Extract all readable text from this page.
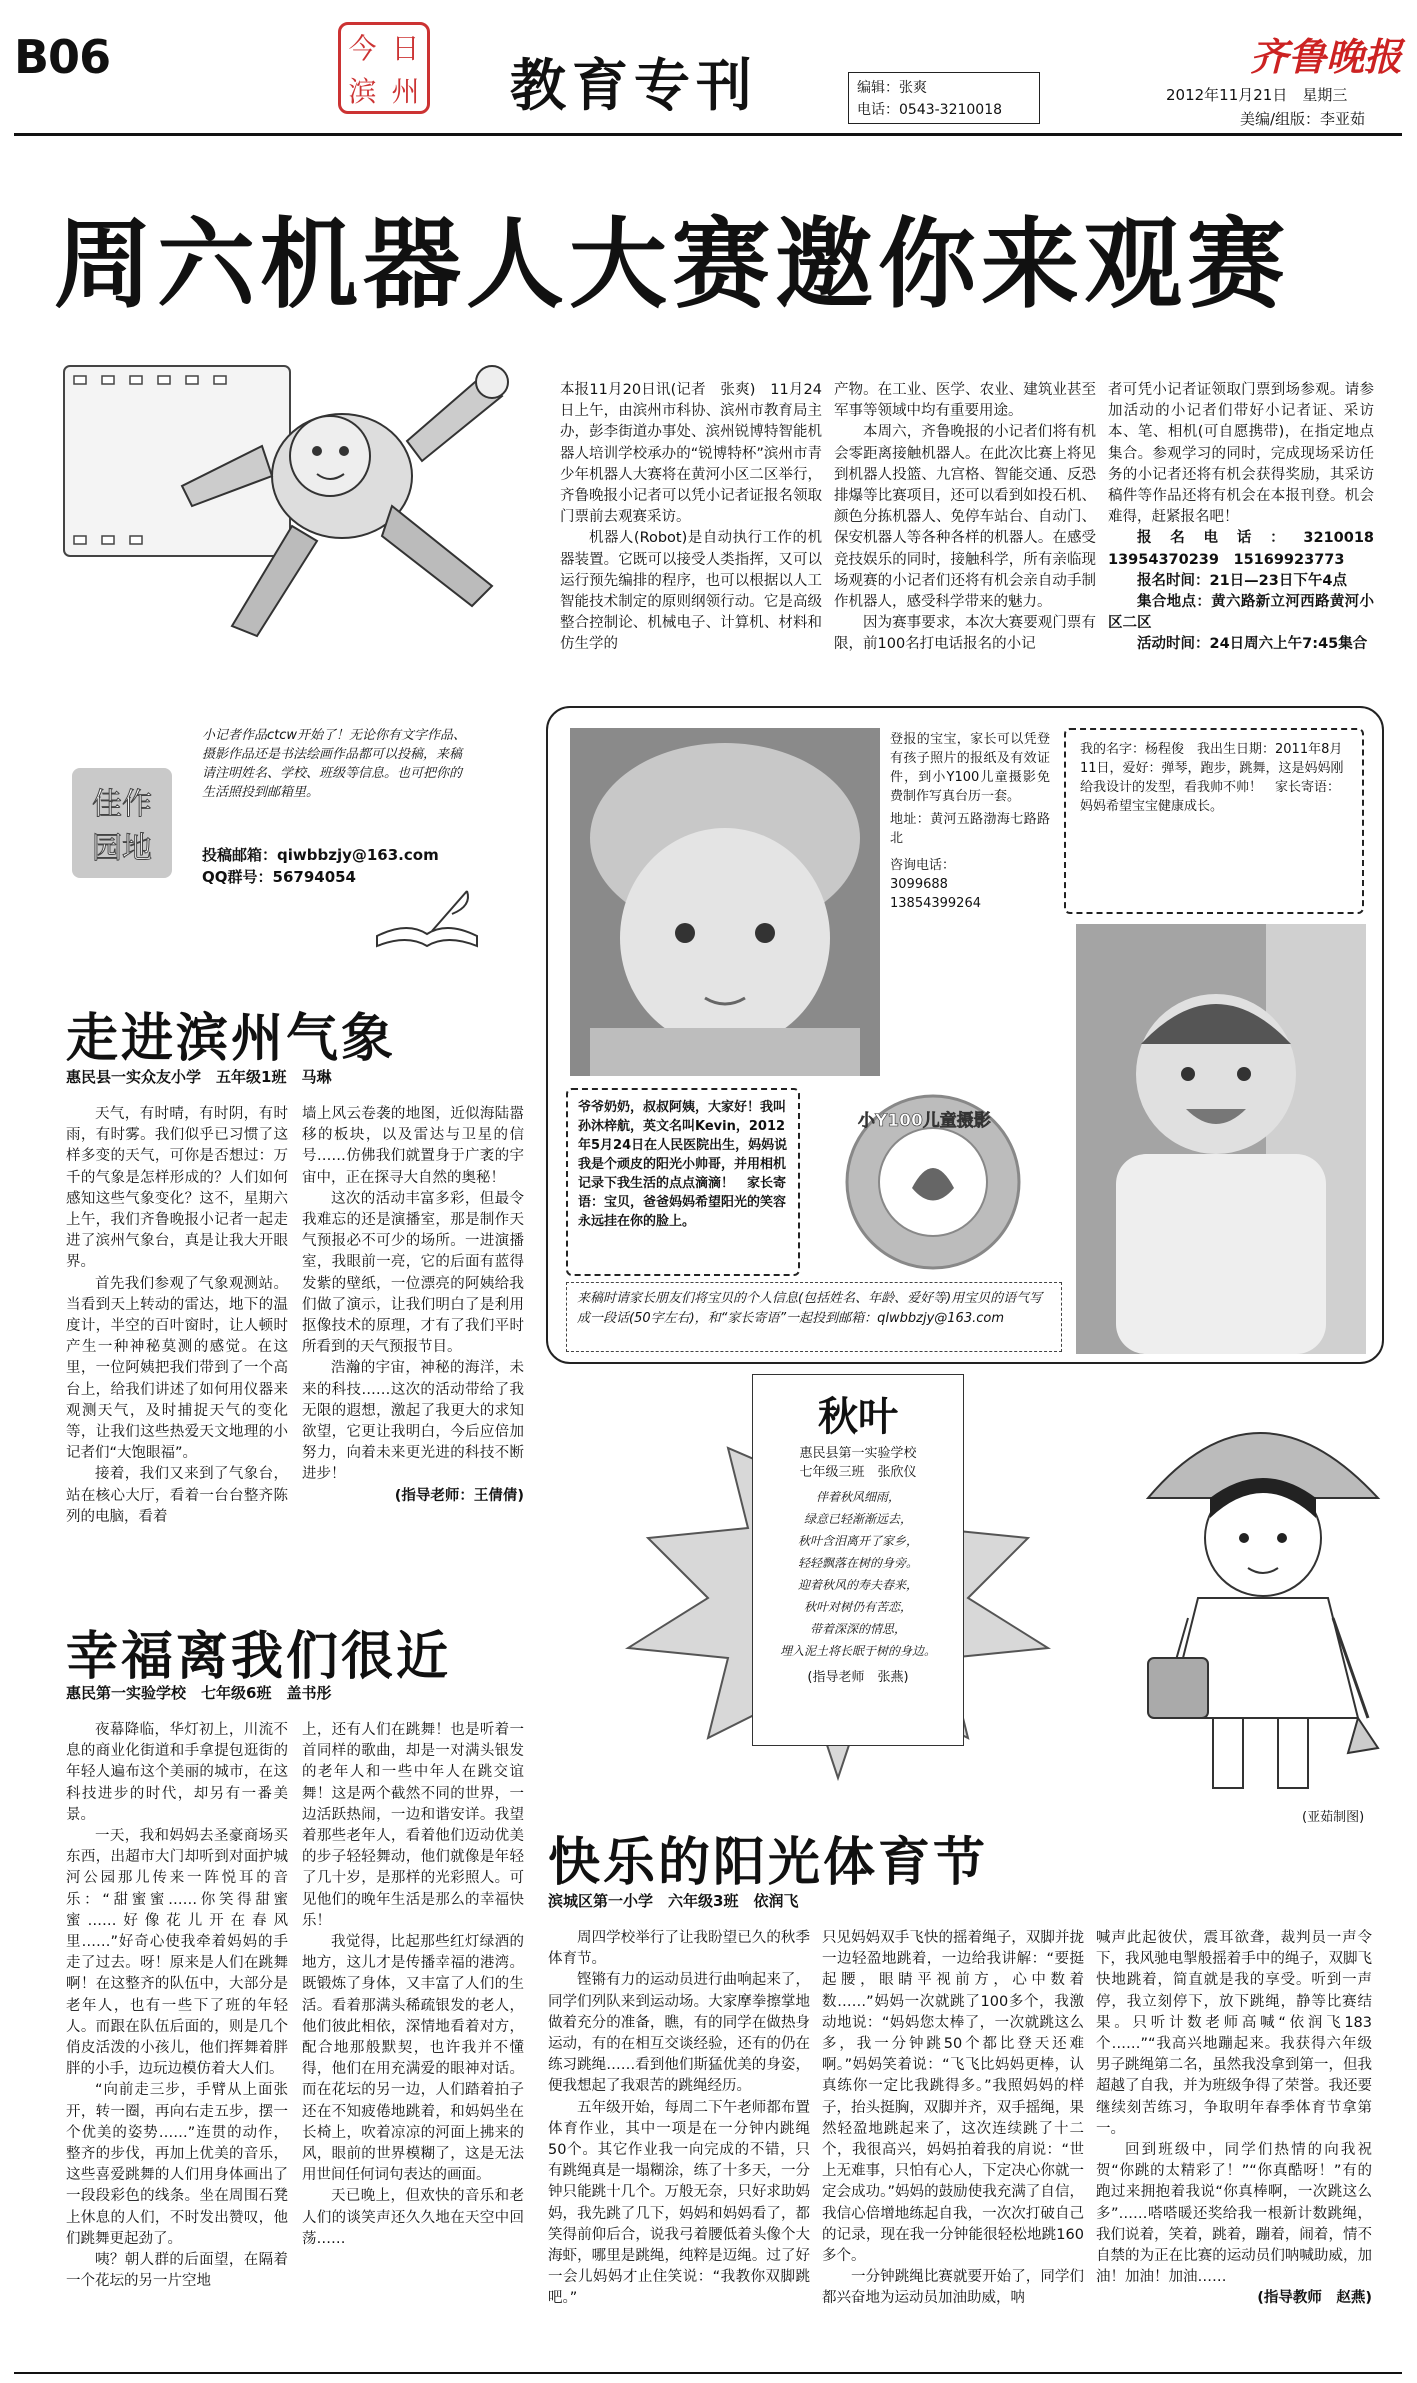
B06	今 日
滨 州 教育专刊	编辑：张爽
电话：0543-3210018
齐鲁晚报
2012年11月21日　星期三
美编/组版：李亚茹
周六机器人大赛邀你来观赛

本报11月20日讯(记者　张爽)　11月24日上午，由滨州市科协、滨州市教育局主办，彭李街道办事处、滨州锐博特智能机器人培训学校承办的“锐博特杯”滨州市青少年机器人大赛将在黄河小区二区举行，齐鲁晚报小记者可以凭小记者证报名领取门票前去观赛采访。

机器人(Robot)是自动执行工作的机器装置。它既可以接受人类指挥，又可以运行预先编排的程序，也可以根据以人工智能技术制定的原则纲领行动。它是高级整合控制论、机械电子、计算机、材料和仿生学的

产物。在工业、医学、农业、建筑业甚至军事等领域中均有重要用途。

本周六，齐鲁晚报的小记者们将有机会零距离接触机器人。在此次比赛上将见到机器人投篮、九宫格、智能交通、反恐排爆等比赛项目，还可以看到如投石机、颜色分拣机器人、免停车站台、自动门、保安机器人等各种各样的机器人。在感受竞技娱乐的同时，接触科学，所有亲临现场观赛的小记者们还将有机会亲自动手制作机器人，感受科学带来的魅力。

因为赛事要求，本次大赛要观门票有限，前100名打电话报名的小记

者可凭小记者证领取门票到场参观。请参加活动的小记者们带好小记者证、采访本、笔、相机(可自愿携带)，在指定地点集合。参观学习的同时，完成现场采访任务的小记者还将有机会获得奖励，其采访稿件等作品还将有机会在本报刊登。机会难得，赶紧报名吧！

报名电话：3210018　13954370239　15169923773

报名时间：21日—23日下午4点

集合地点：黄六路新立河西路黄河小区二区

活动时间：24日周六上午7:45集合

佳作
园地
小记者作品ctcw开始了！无论你有文字作品、摄影作品还是书法绘画作品都可以投稿，来稿请注明姓名、学校、班级等信息。也可把你的生活照投到邮箱里。
投稿邮箱：qiwbbzjy@163.com
QQ群号：56794054
登报的宝宝，家长可以凭登有孩子照片的报纸及有效证件，到小Y100儿童摄影免费制作写真台历一套。
地址：黄河五路渤海七路路北
咨询电话：
3099688
13854399264
我的名字：杨程俊　我出生日期：2011年8月11日，爱好：弹琴，跑步，跳舞，这是妈妈刚给我设计的发型，看我帅不帅！　家长寄语：妈妈希望宝宝健康成长。
爷爷奶奶，叔叔阿姨，大家好！我叫孙沐梓航，英文名叫Kevin，2012年5月24日在人民医院出生，妈妈说我是个顽皮的阳光小帅哥，并用相机记录下我生活的点点滴滴！　家长寄语：宝贝，爸爸妈妈希望阳光的笑容永远挂在你的脸上。
小Y100儿童摄影
来稿时请家长朋友们将宝贝的个人信息(包括姓名、年龄、爱好等)用宝贝的语气写成一段话(50字左右)，和“家长寄语”一起投到邮箱：qlwbbzjy@163.com
走进滨州气象
惠民县一实众友小学　五年级1班　马琳

天气，有时晴，有时阴，有时雨，有时雾。我们似乎已习惯了这样多变的天气，可你是否想过：万千的气象是怎样形成的？人们如何感知这些气象变化？这不，星期六上午，我们齐鲁晚报小记者一起走进了滨州气象台，真是让我大开眼界。

首先我们参观了气象观测站。当看到天上转动的雷达，地下的温度计，半空的百叶窗时，让人顿时产生一种神秘莫测的感觉。在这里，一位阿姨把我们带到了一个高台上，给我们讲述了如何用仪器来观测天气，及时捕捉天气的变化等，让我们这些热爱天文地理的小记者们“大饱眼福”。

接着，我们又来到了气象台，站在核心大厅，看着一台台整齐陈列的电脑，看着

墙上风云卷袭的地图，近似海陆嚣移的板块，以及雷达与卫星的信号……仿佛我们就置身于广袤的宇宙中，正在探寻大自然的奥秘！

这次的活动丰富多彩，但最令我难忘的还是演播室，那是制作天气预报必不可少的场所。一进演播室，我眼前一亮，它的后面有蓝得发紫的壁纸，一位漂亮的阿姨给我们做了演示，让我们明白了是利用抠像技术的原理，才有了我们平时所看到的天气预报节目。

浩瀚的宇宙，神秘的海洋，未来的科技……这次的活动带给了我无限的遐想，激起了我更大的求知欲望，它更让我明白，今后应倍加努力，向着未来更光进的科技不断进步！

(指导老师：王倩倩)

幸福离我们很近
惠民第一实验学校　七年级6班　盖书彤

夜幕降临，华灯初上，川流不息的商业化街道和手拿提包逛街的年轻人遍布这个美丽的城市，在这科技进步的时代，却另有一番美景。

一天，我和妈妈去圣豪商场买东西，出超市大门却听到对面护城河公园那儿传来一阵悦耳的音乐：“甜蜜蜜……你笑得甜蜜蜜……好像花儿开在春风里……”好奇心使我牵着妈妈的手走了过去。呀！原来是人们在跳舞啊！在这整齐的队伍中，大部分是老年人，也有一些下了班的年轻人。而跟在队伍后面的，则是几个俏皮活泼的小孩儿，他们挥舞着胖胖的小手，边玩边模仿着大人们。

“向前走三步，手臂从上面张开，转一圈，再向右走五步，摆一个优美的姿势……”连贯的动作，整齐的步伐，再加上优美的音乐，这些喜爱跳舞的人们用身体画出了一段段彩色的线条。坐在周围石凳上休息的人们，不时发出赞叹，他们跳舞更起劲了。

咦？朝人群的后面望，在隔着一个花坛的另一片空地

上，还有人们在跳舞！也是听着一首同样的歌曲，却是一对满头银发的老年人和一些中年人在跳交谊舞！这是两个截然不同的世界，一边活跃热闹，一边和谐安详。我望着那些老年人，看着他们迈动优美的步子轻轻舞动，他们就像是年轻了几十岁，是那样的光彩照人。可见他们的晚年生活是那么的幸福快乐！

我觉得，比起那些红灯绿酒的地方，这儿才是传播幸福的港湾。既锻炼了身体，又丰富了人们的生活。看着那满头稀疏银发的老人，他们彼此相依，深情地看着对方，配合地那般默契，也许我并不懂得，他们在用充满爱的眼神对话。而在花坛的另一边，人们踏着拍子还在不知疲倦地跳着，和妈妈坐在长椅上，吹着凉凉的河面上拂来的风，眼前的世界模糊了，这是无法用世间任何词句表达的画面。

天已晚上，但欢快的音乐和老人们的谈笑声还久久地在天空中回荡……

秋叶
惠民县第一实验学校
七年级三班　张欣仪
伴着秋风细雨，
绿意已轻渐渐远去，
秋叶含泪离开了家乡，
轻轻飘落在树的身旁。
迎着秋风的寿夫春来，
秋叶对树仍有苦恋，
带着深深的情思，
埋入泥土将长眠于树的身边。
(指导老师　张燕)
(亚茹制图)
快乐的阳光体育节
滨城区第一小学　六年级3班　依润飞

周四学校举行了让我盼望已久的秋季体育节。

铿锵有力的运动员进行曲响起来了，同学们列队来到运动场。大家摩拳擦掌地做着充分的准备，瞧，有的同学在做热身运动，有的在相互交谈经验，还有的仍在练习跳绳……看到他们斯猛优美的身姿，便我想起了我艰苦的跳绳经历。

五年级开始，每周二下午老师都布置体育作业，其中一项是在一分钟内跳绳50个。其它作业我一向完成的不错，只有跳绳真是一塌糊涂，练了十多天，一分钟只能跳十几个。万般无奈，只好求助妈妈，我先跳了几下，妈妈和妈妈看了，都笑得前仰后合，说我弓着腰低着头像个大海虾，哪里是跳绳，纯粹是迈绳。过了好一会儿妈妈才止住笑说：“我教你双脚跳吧。”

只见妈妈双手飞快的摇着绳子，双脚并拢一边轻盈地跳着，一边给我讲解：“要挺起腰，眼睛平视前方，心中数着数……”妈妈一次就跳了100多个，我激动地说：“妈妈您太棒了，一次就跳这么多，我一分钟跳50个都比登天还难啊。”妈妈笑着说：“飞飞比妈妈更棒，认真练你一定比我跳得多。”我照妈妈的样子，抬头挺胸，双脚并齐，双手摇绳，果然轻盈地跳起来了，这次连续跳了十二个，我很高兴，妈妈拍着我的肩说：“世上无难事，只怕有心人，下定决心你就一定会成功。”妈妈的鼓励使我充满了自信，我信心倍增地练起自我，一次次打破自己的记录，现在我一分钟能很轻松地跳160多个。

一分钟跳绳比赛就要开始了，同学们都兴奋地为运动员加油助威，呐

喊声此起彼伏，震耳欲聋，裁判员一声令下，我风驰电掣般摇着手中的绳子，双脚飞快地跳着，简直就是我的享受。听到一声停，我立刻停下，放下跳绳，静等比赛结果。只听计数老师高喊“依润飞183个……”“我高兴地蹦起来。我获得六年级男子跳绳第二名，虽然我没拿到第一，但我超越了自我，并为班级争得了荣誉。我还要继续刻苦练习，争取明年春季体育节拿第一。

回到班级中，同学们热情的向我祝贺“你跳的太精彩了！”“你真酷呀！”有的跑过来拥抱着我说“你真棒啊，一次跳这么多”……嗒嗒暖还奖给我一根新计数跳绳，我们说着，笑着，跳着，蹦着，闹着，情不自禁的为正在比赛的运动员们呐喊助威，加油！加油！加油……

(指导教师　赵燕)
